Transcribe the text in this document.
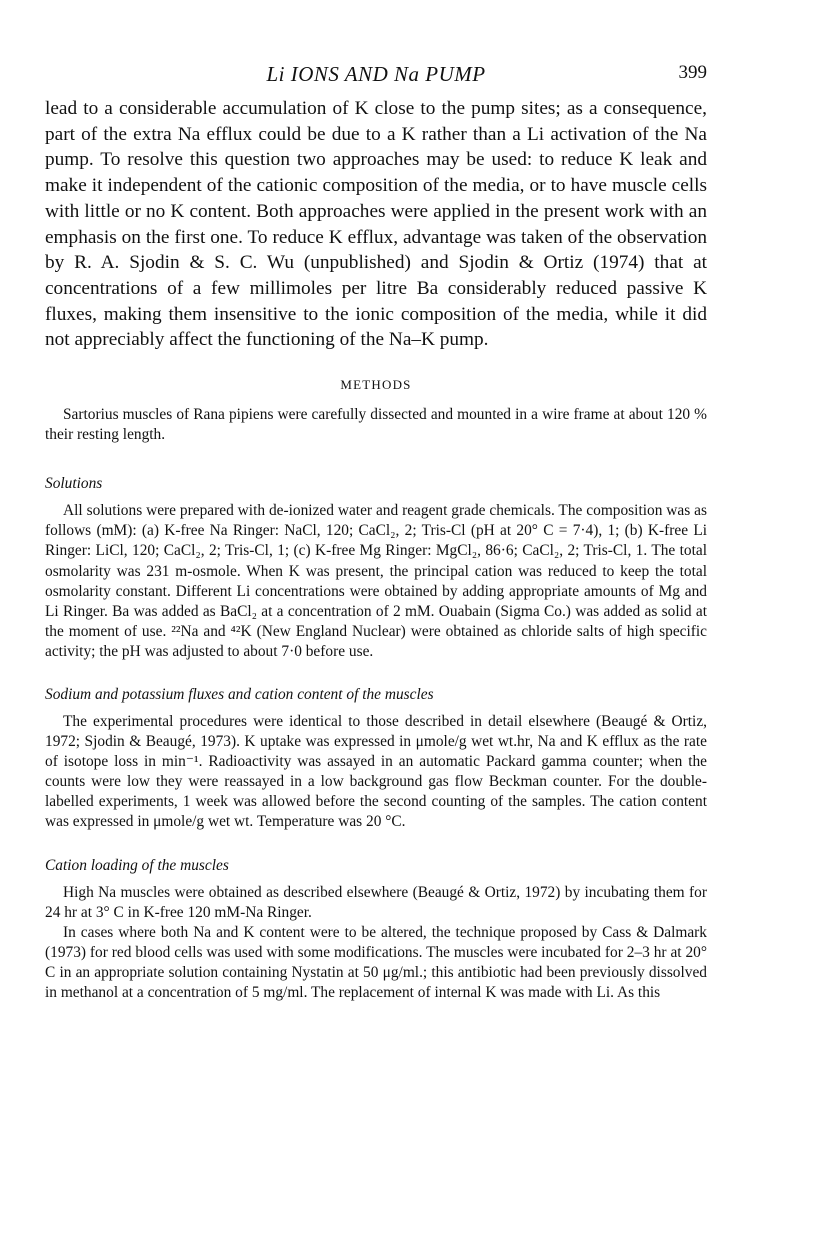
Li IONS AND Na PUMP	399

lead to a considerable accumulation of K close to the pump sites; as a consequence, part of the extra Na efflux could be due to a K rather than a Li activation of the Na pump. To resolve this question two approaches may be used: to reduce K leak and make it independent of the cationic composition of the media, or to have muscle cells with little or no K content. Both approaches were applied in the present work with an emphasis on the first one. To reduce K efflux, advantage was taken of the observation by R. A. Sjodin & S. C. Wu (unpublished) and Sjodin & Ortiz (1974) that at concentrations of a few millimoles per litre Ba considerably reduced passive K fluxes, making them insensitive to the ionic composition of the media, while it did not appreciably affect the functioning of the Na–K pump.

METHODS

Sartorius muscles of Rana pipiens were carefully dissected and mounted in a wire frame at about 120 % their resting length.

Solutions

All solutions were prepared with de-ionized water and reagent grade chemicals. The composition was as follows (mM): (a) K-free Na Ringer: NaCl, 120; CaCl₂, 2; Tris-Cl (pH at 20° C = 7·4), 1; (b) K-free Li Ringer: LiCl, 120; CaCl₂, 2; Tris-Cl, 1; (c) K-free Mg Ringer: MgCl₂, 86·6; CaCl₂, 2; Tris-Cl, 1. The total osmolarity was 231 m-osmole. When K was present, the principal cation was reduced to keep the total osmolarity constant. Different Li concentrations were obtained by adding appropriate amounts of Mg and Li Ringer. Ba was added as BaCl₂ at a concentration of 2 mM. Ouabain (Sigma Co.) was added as solid at the moment of use. ²²Na and ⁴²K (New England Nuclear) were obtained as chloride salts of high specific activity; the pH was adjusted to about 7·0 before use.

Sodium and potassium fluxes and cation content of the muscles

The experimental procedures were identical to those described in detail elsewhere (Beaugé & Ortiz, 1972; Sjodin & Beaugé, 1973). K uptake was expressed in μmole/g wet wt.hr, Na and K efflux as the rate of isotope loss in min⁻¹. Radioactivity was assayed in an automatic Packard gamma counter; when the counts were low they were reassayed in a low background gas flow Beckman counter. For the double-labelled experiments, 1 week was allowed before the second counting of the samples. The cation content was expressed in μmole/g wet wt. Temperature was 20 °C.

Cation loading of the muscles

High Na muscles were obtained as described elsewhere (Beaugé & Ortiz, 1972) by incubating them for 24 hr at 3° C in K-free 120 mM-Na Ringer.

In cases where both Na and K content were to be altered, the technique proposed by Cass & Dalmark (1973) for red blood cells was used with some modifications. The muscles were incubated for 2–3 hr at 20° C in an appropriate solution containing Nystatin at 50 μg/ml.; this antibiotic had been previously dissolved in methanol at a concentration of 5 mg/ml. The replacement of internal K was made with Li. As this
